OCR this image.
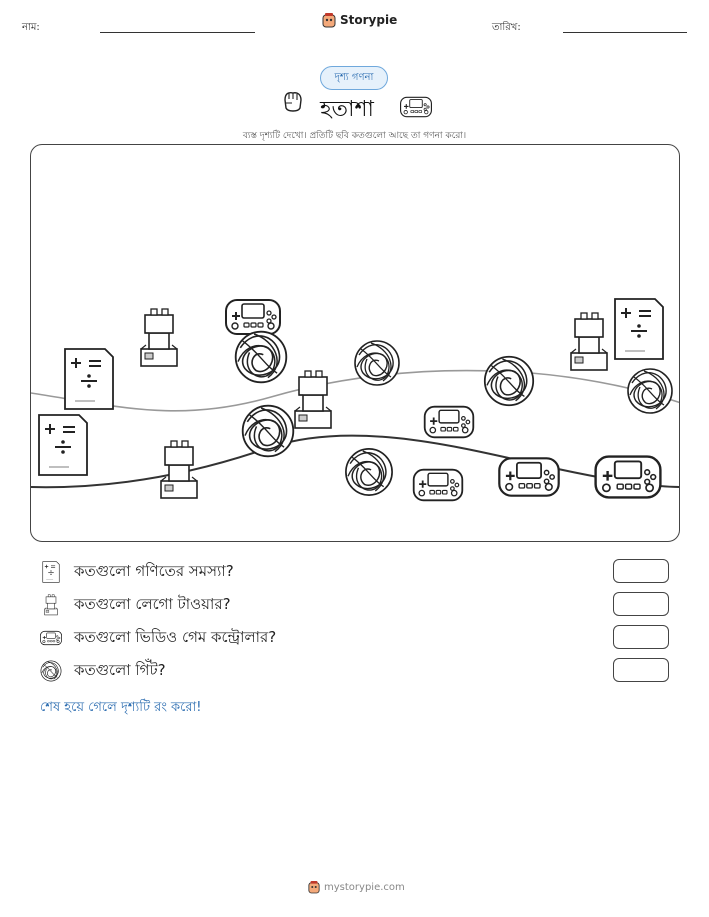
নাম:
Storypie
তারিখ:
দৃশ্য গণনা
হতাশা
ব্যস্ত দৃশ্যটি দেখো। প্রতিটি ছবি কতগুলো আছে তা গণনা করো।
কতগুলো গণিতের সমস্যা?
কতগুলো লেগো টাওয়ার?
কতগুলো ভিডিও গেম কন্ট্রোলার?
কতগুলো গিঁট?
শেষ হয়ে গেলে দৃশ্যটি রং করো!
mystorypie.com
